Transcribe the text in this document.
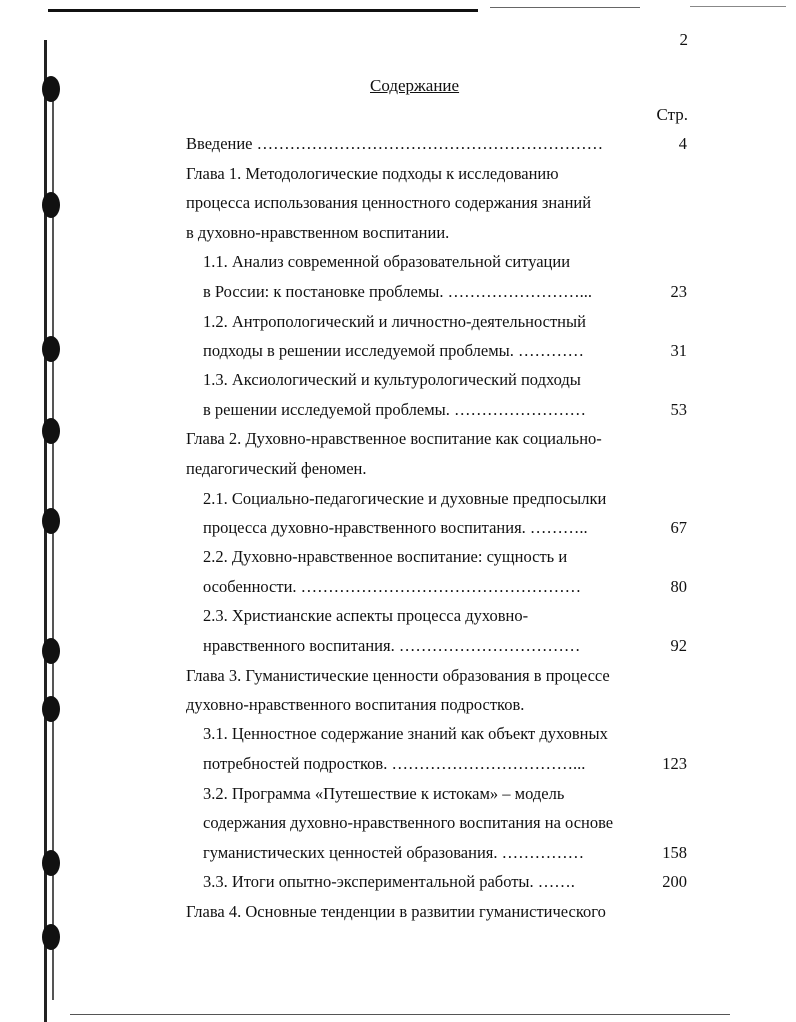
2
Содержание
Стр.
Введение ………………………………………………………	4
Глава 1. Методологические подходы к исследованию
процесса использования ценностного содержания знаний
в духовно-нравственном воспитании.
1.1. Анализ современной образовательной ситуации
в России: к постановке проблемы. ……………………...	23
1.2. Антропологический и личностно-деятельностный
подходы в решении исследуемой проблемы. …………	31
1.3. Аксиологический и культурологический подходы
в решении исследуемой проблемы. ……………………	53
Глава 2. Духовно-нравственное воспитание как социально-
педагогический феномен.
2.1. Социально-педагогические и духовные предпосылки
процесса духовно-нравственного воспитания. ………..	67
2.2. Духовно-нравственное воспитание: сущность и
особенности. ……………………………………………	80
2.3. Христианские аспекты процесса духовно-
нравственного воспитания. ……………………………	92
Глава 3. Гуманистические ценности образования в процессе
духовно-нравственного воспитания подростков.
3.1. Ценностное содержание знаний как объект духовных
потребностей подростков. ……………………………...	123
3.2. Программа «Путешествие к истокам» – модель
содержания духовно-нравственного воспитания на основе
гуманистических ценностей образования. ……………	158
3.3. Итоги опытно-экспериментальной работы. …….	200
Глава 4. Основные тенденции в развитии гуманистического
